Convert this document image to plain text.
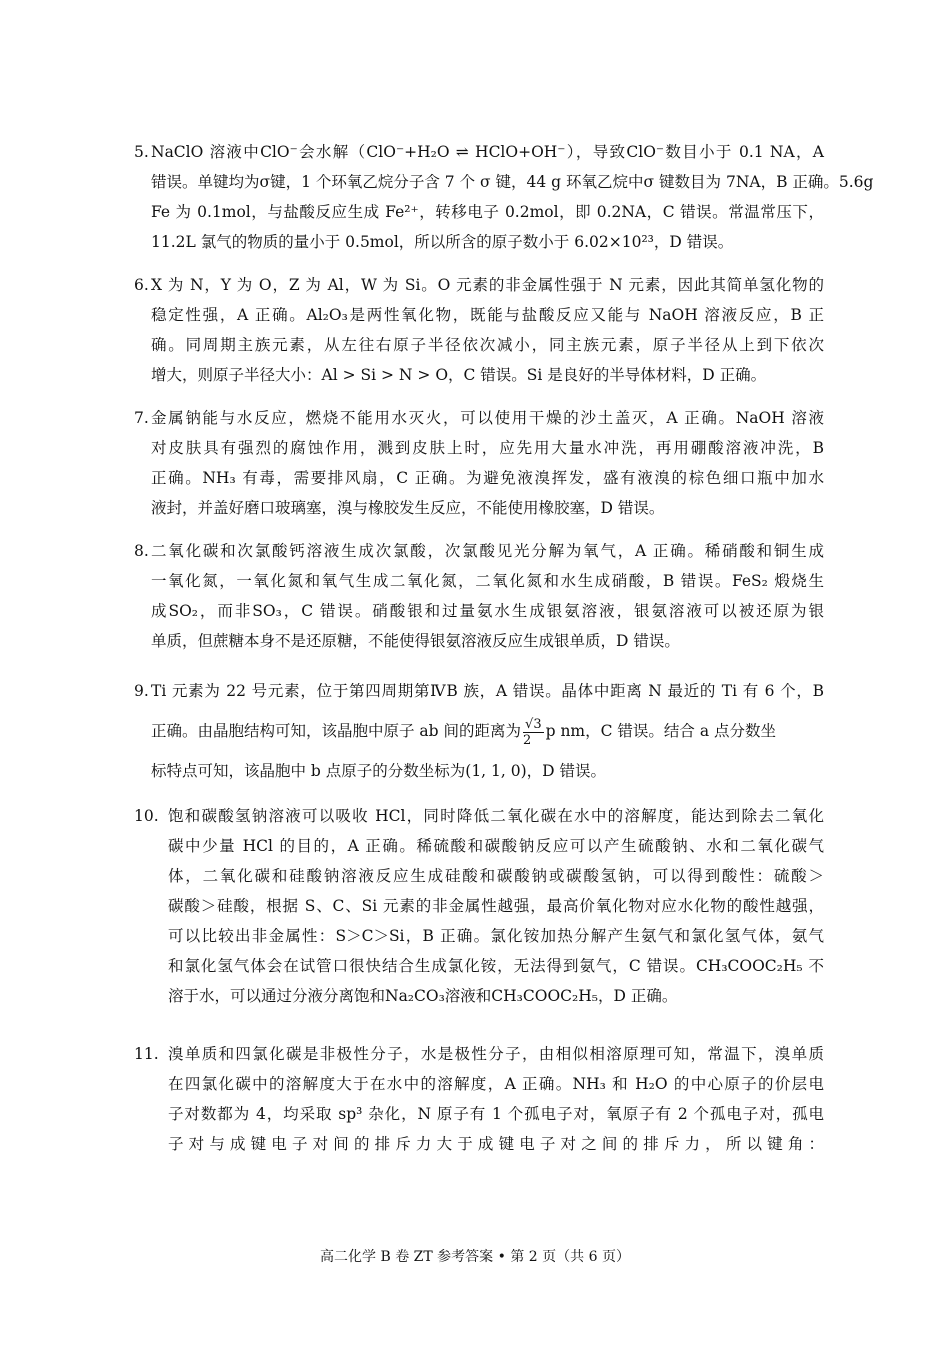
5. NaClO 溶液中ClO⁻会水解（ClO⁻+H₂O ⇌ HClO+OH⁻），导致ClO⁻数目小于 0.1 NA，A
错误。单键均为σ键，1 个环氧乙烷分子含 7 个 σ 键，44 g 环氧乙烷中σ 键数目为 7NA，B 正确。5.6g
Fe 为 0.1mol，与盐酸反应生成 Fe²⁺，转移电子 0.2mol，即 0.2NA，C 错误。常温常压下，
11.2L 氯气的物质的量小于 0.5mol，所以所含的原子数小于 6.02×10²³，D 错误。
6. X 为 N，Y 为 O，Z 为 Al，W 为 Si。O 元素的非金属性强于 N 元素，因此其简单氢化物的
稳定性强，A 正确。Al₂O₃是两性氧化物，既能与盐酸反应又能与 NaOH 溶液反应，B 正
确。同周期主族元素，从左往右原子半径依次减小，同主族元素，原子半径从上到下依次
增大，则原子半径大小：Al > Si > N > O，C 错误。Si 是良好的半导体材料，D 正确。
7. 金属钠能与水反应，燃烧不能用水灭火，可以使用干燥的沙土盖灭，A 正确。NaOH 溶液
对皮肤具有强烈的腐蚀作用，溅到皮肤上时，应先用大量水冲洗，再用硼酸溶液冲洗，B
正确。NH₃ 有毒，需要排风扇，C 正确。为避免液溴挥发，盛有液溴的棕色细口瓶中加水
液封，并盖好磨口玻璃塞，溴与橡胶发生反应，不能使用橡胶塞，D 错误。
8. 二氧化碳和次氯酸钙溶液生成次氯酸，次氯酸见光分解为氧气，A 正确。稀硝酸和铜生成
一氧化氮，一氧化氮和氧气生成二氧化氮，二氧化氮和水生成硝酸，B 错误。FeS₂ 煅烧生
成SO₂，而非SO₃，C 错误。硝酸银和过量氨水生成银氨溶液，银氨溶液可以被还原为银
单质，但蔗糖本身不是还原糖，不能使得银氨溶液反应生成银单质，D 错误。
9. Ti 元素为 22 号元素，位于第四周期第ⅣB 族，A 错误。晶体中距离 N 最近的 Ti 有 6 个，B
正确。由晶胞结构可知，该晶胞中原子 ab 间的距离为 $\frac{√3}{2}$ p nm，C 错误。结合 a 点分数坐
标特点可知，该晶胞中 b 点原子的分数坐标为(1, 1, 0)，D 错误。
10. 饱和碳酸氢钠溶液可以吸收 HCl，同时降低二氧化碳在水中的溶解度，能达到除去二氧化
碳中少量 HCl 的目的，A 正确。稀硫酸和碳酸钠反应可以产生硫酸钠、水和二氧化碳气
体，二氧化碳和硅酸钠溶液反应生成硅酸和碳酸钠或碳酸氢钠，可以得到酸性：硫酸＞
碳酸＞硅酸，根据 S、C、Si 元素的非金属性越强，最高价氧化物对应水化物的酸性越强，
可以比较出非金属性：S＞C＞Si，B 正确。氯化铵加热分解产生氨气和氯化氢气体，氨气
和氯化氢气体会在试管口很快结合生成氯化铵，无法得到氨气，C 错误。CH₃COOC₂H₅ 不
溶于水，可以通过分液分离饱和Na₂CO₃溶液和CH₃COOC₂H₅，D 正确。
11. 溴单质和四氯化碳是非极性分子，水是极性分子，由相似相溶原理可知，常温下，溴单质
在四氯化碳中的溶解度大于在水中的溶解度，A 正确。NH₃ 和 H₂O 的中心原子的价层电
子对数都为 4，均采取 sp³ 杂化，N 原子有 1 个孤电子对，氧原子有 2 个孤电子对，孤电
子对与成键电子对间的排斥力大于成键电子对之间的排斥力，所以键角：
高二化学 B 卷 ZT 参考答案 • 第 2 页（共 6 页）
